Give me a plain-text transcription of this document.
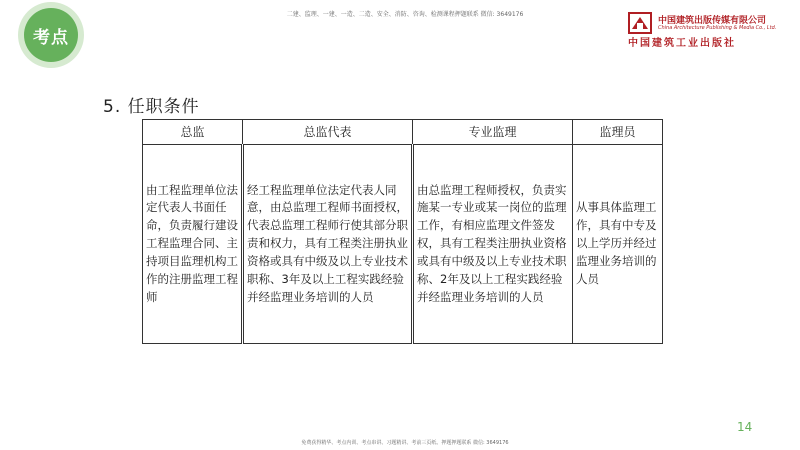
考点
二建、监理、一建、一造、二造、安全、消防、咨询、检测课程押题联系 微信: 3649176
中国建筑出版传媒有限公司
China Architecture Publishing & Media Co., Ltd.
中国建筑工业出版社
5. 任职条件
总监	总监代表	专业监理	监理员
由工程监理单位法定代表人书面任命，负责履行建设工程监理合同、主持项目监理机构工作的注册监理工程师	经工程监理单位法定代表人同意，由总监理工程师书面授权，代表总监理工程师行使其部分职责和权力，具有工程类注册执业资格或具有中级及以上专业技术职称、3年及以上工程实践经验并经监理业务培训的人员	由总监理工程师授权，负责实施某一专业或某一岗位的监理工作，有相应监理文件签发权，具有工程类注册执业资格或具有中级及以上专业技术职称、2年及以上工程实践经验并经监理业务培训的人员	从事具体监理工作，具有中专及以上学历并经过监理业务培训的人员
14
免费获得精华、考点内训、考点串讲、习题精讲、考前三页纸、押题押题联系 微信: 3649176
